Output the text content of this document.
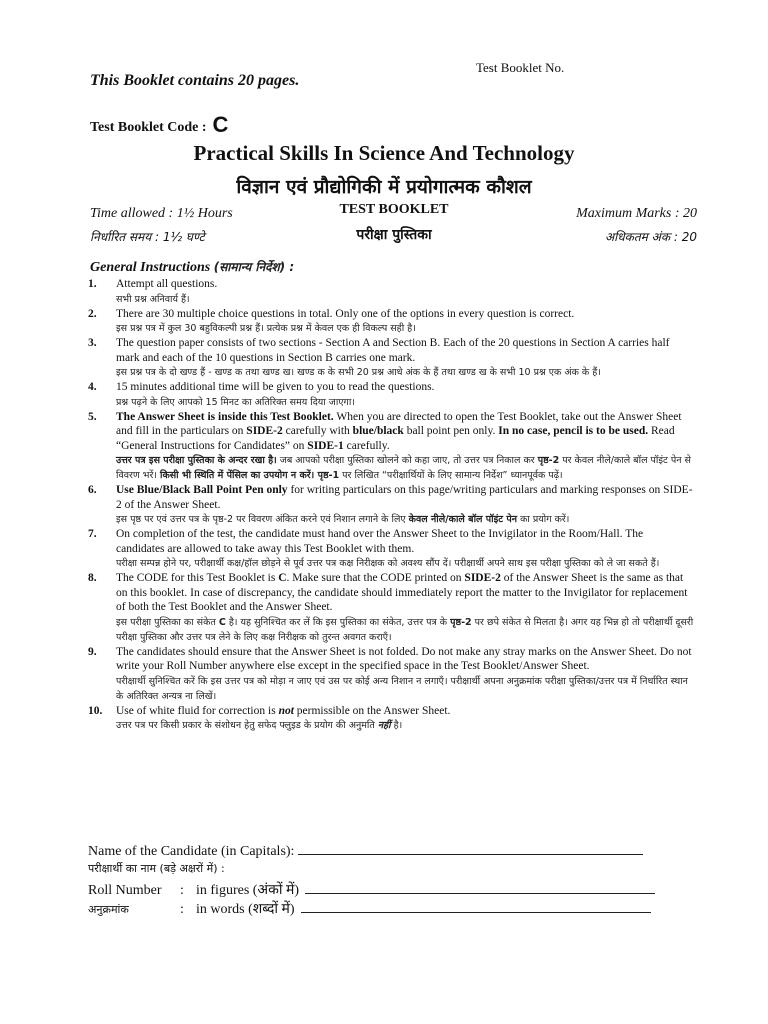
Test Booklet No.
This Booklet contains 20 pages.
Test Booklet Code : C
Practical Skills In Science And Technology
विज्ञान एवं प्रौद्योगिकी में प्रयोगात्मक कौशल
Time allowed : 1½ Hours
निर्धारित समय : 1½ घण्टे
TEST BOOKLET
परीक्षा पुस्तिका
Maximum Marks : 20
अधिकतम अंक : 20
General Instructions (सामान्य निर्देश) :
1.	Attempt all questions.
सभी प्रश्न अनिवार्य हैं।
2.	There are 30 multiple choice questions in total. Only one of the options in every question is correct.
इस प्रश्न पत्र में कुल 30 बहुविकल्पी प्रश्न हैं। प्रत्येक प्रश्न में केवल एक ही विकल्प सही है।
3.	The question paper consists of two sections - Section A and Section B. Each of the 20 questions in Section A carries half mark and each of the 10 questions in Section B carries one mark.
इस प्रश्न पत्र के दो खण्ड हैं - खण्ड क तथा खण्ड ख। खण्ड क के सभी 20 प्रश्न आधे अंक के हैं तथा खण्ड ख के सभी 10 प्रश्न एक अंक के हैं।
4.	15 minutes additional time will be given to you to read the questions.
प्रश्न पढ़ने के लिए आपको 15 मिनट का अतिरिक्त समय दिया जाएगा।
5.	The Answer Sheet is inside this Test Booklet. When you are directed to open the Test Booklet, take out the Answer Sheet and fill in the particulars on SIDE-2 carefully with blue/black ball point pen only. In no case, pencil is to be used. Read “General Instructions for Candidates” on SIDE-1 carefully.
उत्तर पत्र इस परीक्षा पुस्तिका के अन्दर रखा है। जब आपको परीक्षा पुस्तिका खोलने को कहा जाए, तो उत्तर पत्र निकाल कर पृष्ठ-2 पर केवल नीले/काले बॉल पॉइंट पेन से विवरण भरें। किसी भी स्थिति में पेंसिल का उपयोग न करें। पृष्ठ-1 पर लिखित “परीक्षार्थियों के लिए सामान्य निर्देश” ध्यानपूर्वक पढ़ें।
6.	Use Blue/Black Ball Point Pen only for writing particulars on this page/writing particulars and marking responses on SIDE-2 of the Answer Sheet.
इस पृष्ठ पर एवं उत्तर पत्र के पृष्ठ-2 पर विवरण अंकित करने एवं निशान लगाने के लिए केवल नीले/काले बॉल पॉइंट पेन का प्रयोग करें।
7.	On completion of the test, the candidate must hand over the Answer Sheet to the Invigilator in the Room/Hall. The candidates are allowed to take away this Test Booklet with them.
परीक्षा सम्पन्न होने पर, परीक्षार्थी कक्ष/हॉल छोड़ने से पूर्व उत्तर पत्र कक्ष निरीक्षक को अवश्य सौंप दें। परीक्षार्थी अपने साथ इस परीक्षा पुस्तिका को ले जा सकते हैं।
8.	The CODE for this Test Booklet is C. Make sure that the CODE printed on SIDE-2 of the Answer Sheet is the same as that on this booklet. In case of discrepancy, the candidate should immediately report the matter to the Invigilator for replacement of both the Test Booklet and the Answer Sheet.
इस परीक्षा पुस्तिका का संकेत C है। यह सुनिश्चित कर लें कि इस पुस्तिका का संकेत, उत्तर पत्र के पृष्ठ-2 पर छपे संकेत से मिलता है। अगर यह भिन्न हो तो परीक्षार्थी दूसरी परीक्षा पुस्तिका और उत्तर पत्र लेने के लिए कक्ष निरीक्षक को तुरन्त अवगत कराएँ।
9.	The candidates should ensure that the Answer Sheet is not folded. Do not make any stray marks on the Answer Sheet. Do not write your Roll Number anywhere else except in the specified space in the Test Booklet/Answer Sheet.
परीक्षार्थी सुनिश्चित करें कि इस उत्तर पत्र को मोड़ा न जाए एवं उस पर कोई अन्य निशान न लगाएँ। परीक्षार्थी अपना अनुक्रमांक परीक्षा पुस्तिका/उत्तर पत्र में निर्धारित स्थान के अतिरिक्त अन्यत्र ना लिखें।
10.	Use of white fluid for correction is not permissible on the Answer Sheet.
उत्तर पत्र पर किसी प्रकार के संशोधन हेतु सफेद फ्लुइड के प्रयोग की अनुमति नहीं है।
Name of the Candidate (in Capitals):
परीक्षार्थी का नाम (बड़े अक्षरों में) :
Roll Number	: in figures (अंकों में)
अनुक्रमांक	: in words (शब्दों में)
